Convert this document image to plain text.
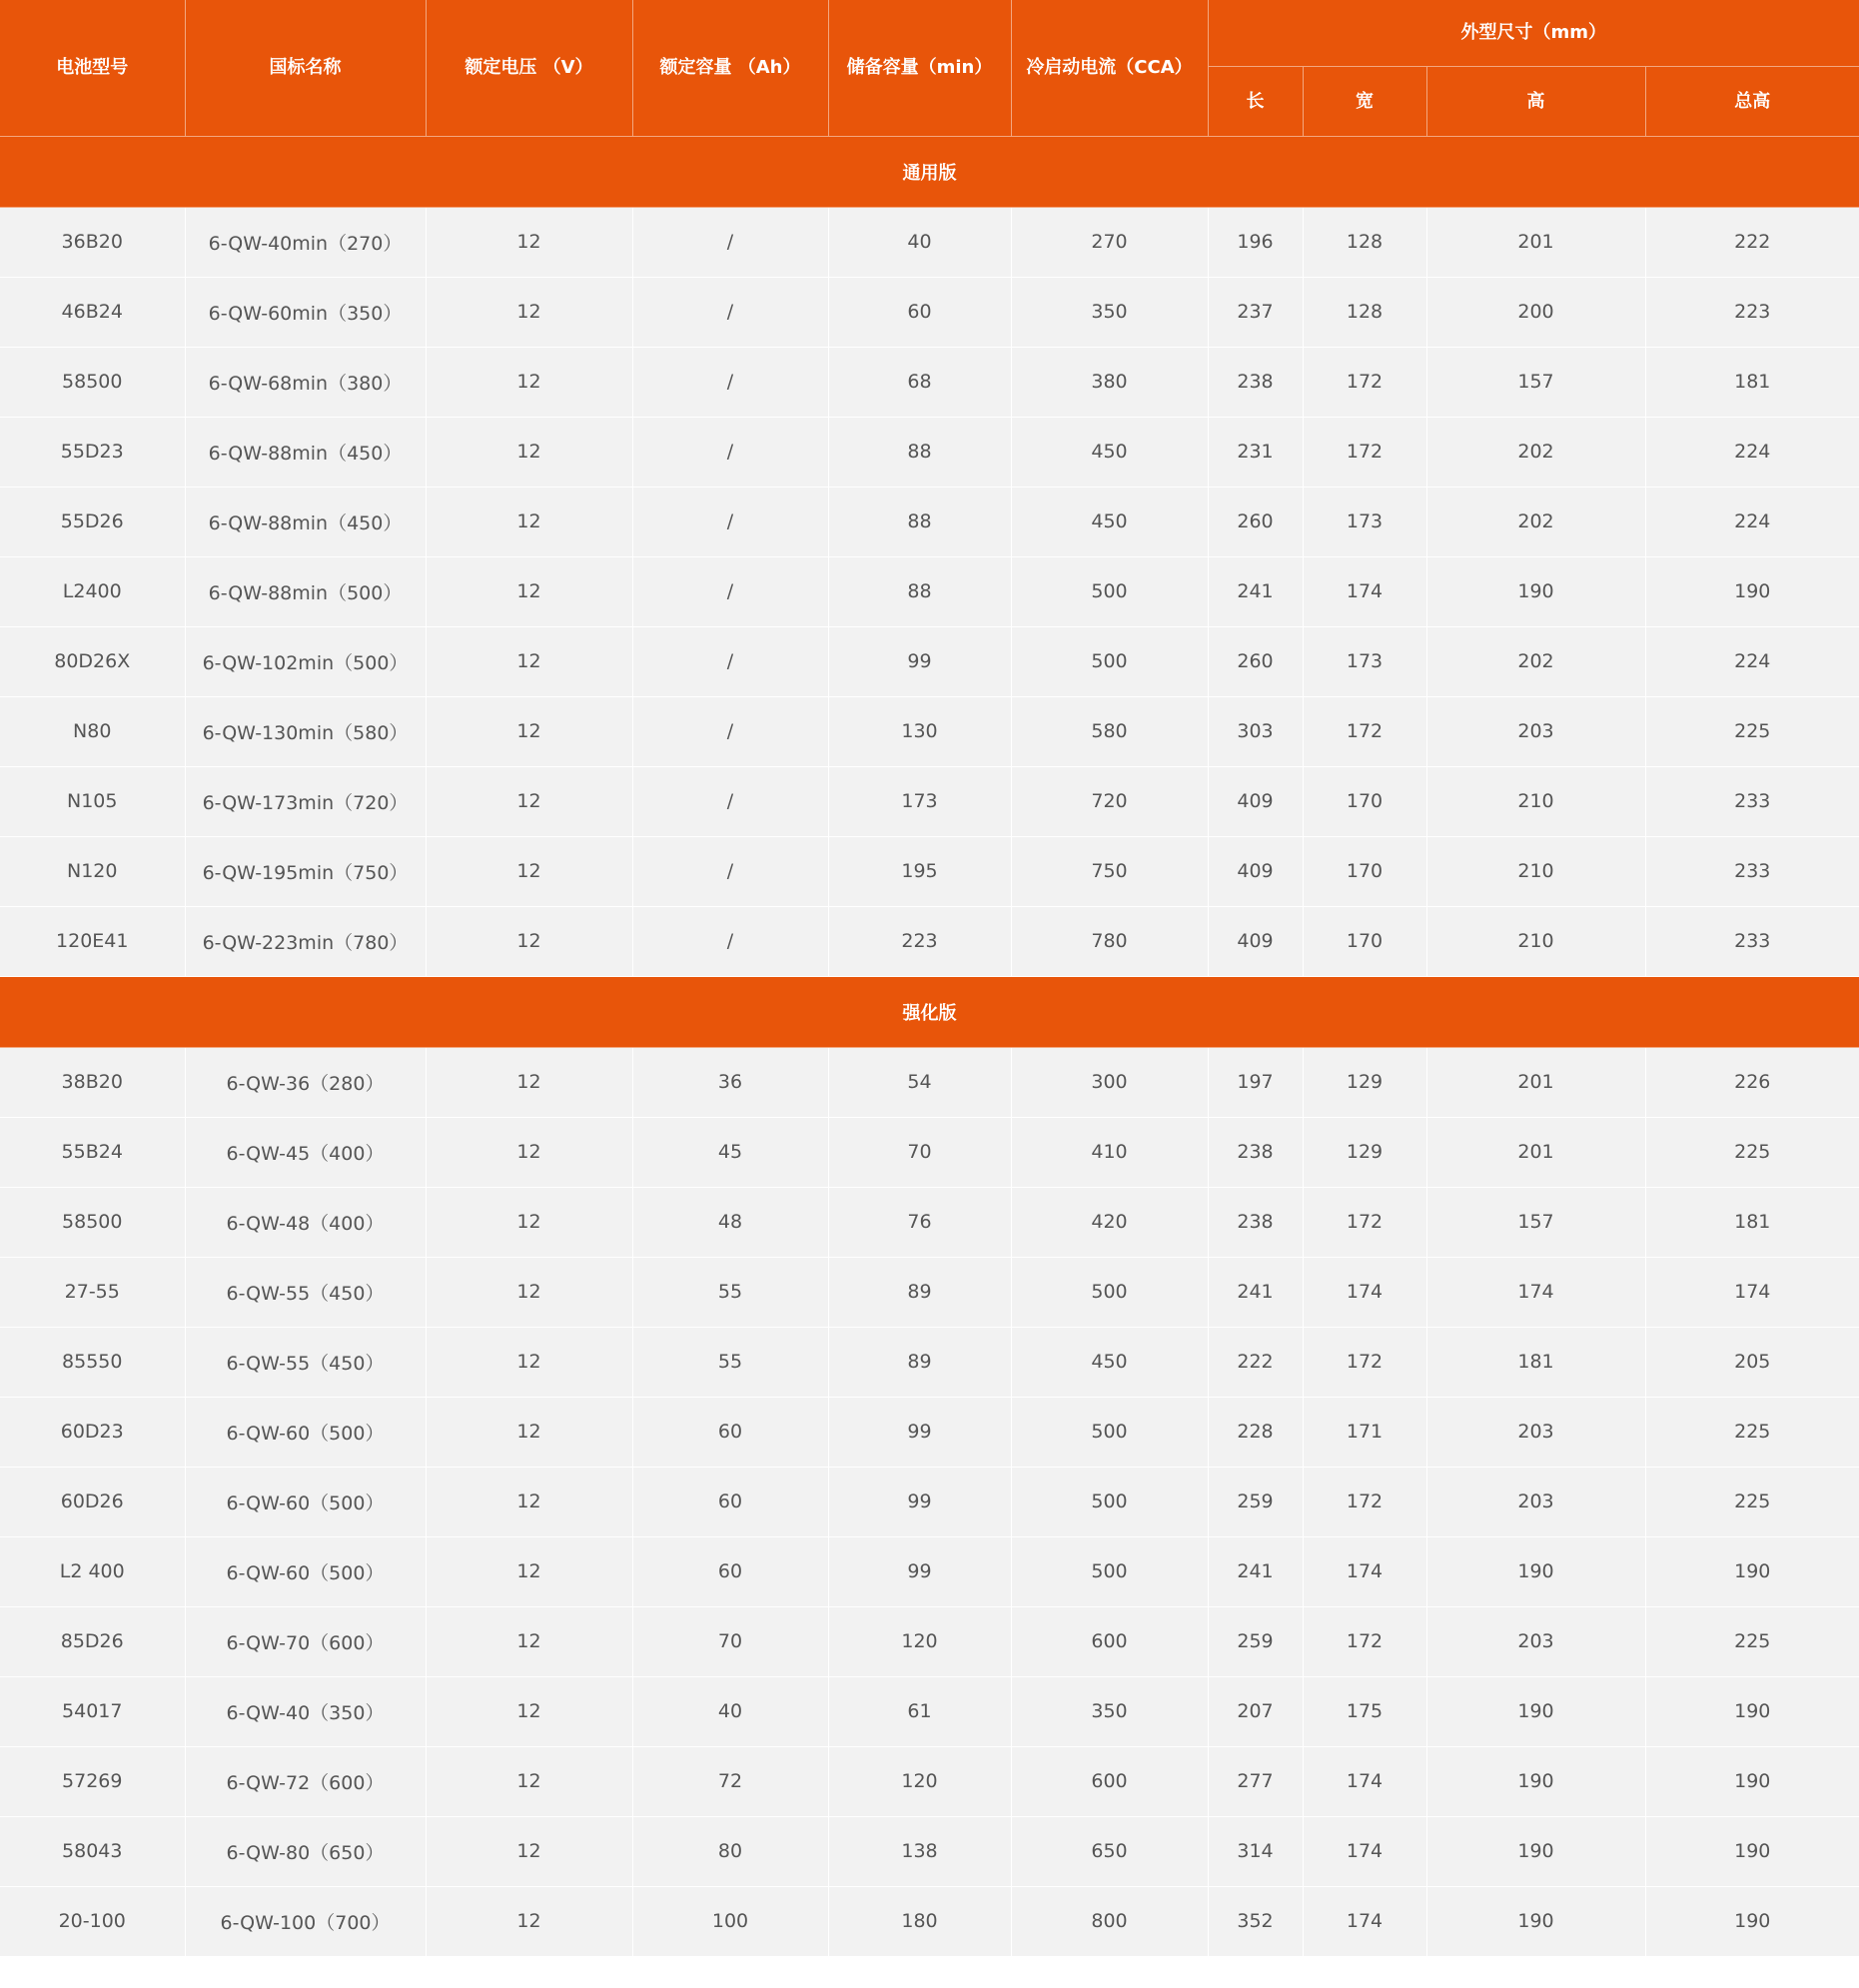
电池型号	国标名称	额定电压 （V）	额定容量 （Ah）	储备容量（min）	冷启动电流（CCA）	外型尺寸（mm）			
						长	宽	高	总高
通用版									
36B20	6-QW-40min（270）	12	/	40	270	196	128	201	222
46B24	6-QW-60min（350）	12	/	60	350	237	128	200	223
58500	6-QW-68min（380）	12	/	68	380	238	172	157	181
55D23	6-QW-88min（450）	12	/	88	450	231	172	202	224
55D26	6-QW-88min（450）	12	/	88	450	260	173	202	224
L2400	6-QW-88min（500）	12	/	88	500	241	174	190	190
80D26X	6-QW-102min（500）	12	/	99	500	260	173	202	224
N80	6-QW-130min（580）	12	/	130	580	303	172	203	225
N105	6-QW-173min（720）	12	/	173	720	409	170	210	233
N120	6-QW-195min（750）	12	/	195	750	409	170	210	233
120E41	6-QW-223min（780）	12	/	223	780	409	170	210	233
强化版									
38B20	6-QW-36（280）	12	36	54	300	197	129	201	226
55B24	6-QW-45（400）	12	45	70	410	238	129	201	225
58500	6-QW-48（400）	12	48	76	420	238	172	157	181
27-55	6-QW-55（450）	12	55	89	500	241	174	174	174
85550	6-QW-55（450）	12	55	89	450	222	172	181	205
60D23	6-QW-60（500）	12	60	99	500	228	171	203	225
60D26	6-QW-60（500）	12	60	99	500	259	172	203	225
L2 400	6-QW-60（500）	12	60	99	500	241	174	190	190
85D26	6-QW-70（600）	12	70	120	600	259	172	203	225
54017	6-QW-40（350）	12	40	61	350	207	175	190	190
57269	6-QW-72（600）	12	72	120	600	277	174	190	190
58043	6-QW-80（650）	12	80	138	650	314	174	190	190
20-100	6-QW-100（700）	12	100	180	800	352	174	190	190
